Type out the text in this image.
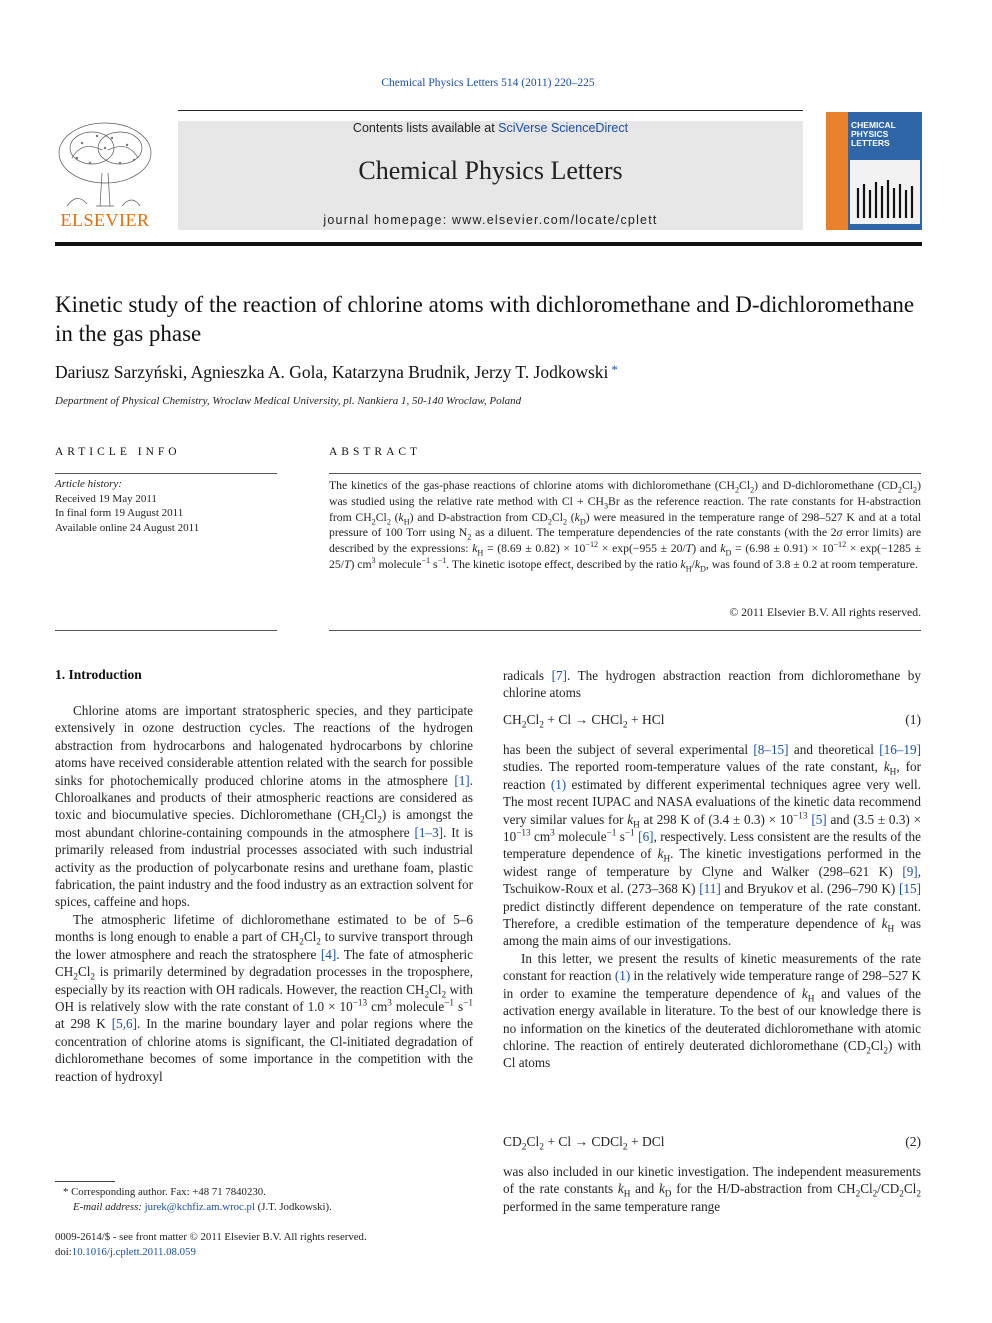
Chemical Physics Letters 514 (2011) 220–225
ELSEVIER
Contents lists available at SciVerse ScienceDirect
Chemical Physics Letters
journal homepage: www.elsevier.com/locate/cplett
CHEMICAL PHYSICS LETTERS
Kinetic study of the reaction of chlorine atoms with dichloromethane and D-dichloromethane in the gas phase
Dariusz Sarzyński, Agnieszka A. Gola, Katarzyna Brudnik, Jerzy T. Jodkowski *
Department of Physical Chemistry, Wroclaw Medical University, pl. Nankiera 1, 50-140 Wroclaw, Poland
ARTICLE INFO
Article history:
Received 19 May 2011
In final form 19 August 2011
Available online 24 August 2011
ABSTRACT
The kinetics of the gas-phase reactions of chlorine atoms with dichloromethane $(CH_2Cl_2)$ and D-dichloromethane $(CD_2Cl_2)$ was studied using the relative rate method with $Cl + CH_3Br$ as the reference reaction. The rate constants for H-abstraction from $CH_2Cl_2$ $(k_H)$ and D-abstraction from $CD_2Cl_2$ $(k_D)$ were measured in the temperature range of 298–527 K and at a total pressure of 100 Torr using $N_2$ as a diluent. The temperature dependencies of the rate constants (with the 2σ error limits) are described by the expressions: $k_H = (8.69 \pm 0.82) \times 10^{-12} \times \exp(-955 \pm 20/T)$ and $k_D = (6.98 \pm 0.91) \times 10^{-12} \times \exp(-1285 \pm 25/T)$ $cm^3$ molecule$^{-1}$ $s^{-1}$. The kinetic isotope effect, described by the ratio $k_H/k_D$, was found of 3.8 ± 0.2 at room temperature.
© 2011 Elsevier B.V. All rights reserved.
1. Introduction

Chlorine atoms are important stratospheric species, and they participate extensively in ozone destruction cycles. The reactions of the hydrogen abstraction from hydrocarbons and halogenated hydrocarbons by chlorine atoms have received considerable attention related with the search for possible sinks for photochemically produced chlorine atoms in the atmosphere [1]. Chloroalkanes and products of their atmospheric reactions are considered as toxic and biocumulative species. Dichloromethane $(CH_2Cl_2)$ is amongst the most abundant chlorine-containing compounds in the atmosphere [1–3]. It is primarily released from industrial processes associated with such industrial activity as the production of polycarbonate resins and urethane foam, plastic fabrication, the paint industry and the food industry as an extraction solvent for spices, caffeine and hops.

The atmospheric lifetime of dichloromethane estimated to be of 5–6 months is long enough to enable a part of $CH_2Cl_2$ to survive transport through the lower atmosphere and reach the stratosphere [4]. The fate of atmospheric $CH_2Cl_2$ is primarily determined by degradation processes in the troposphere, especially by its reaction with OH radicals. However, the reaction $CH_2Cl_2$ with OH is relatively slow with the rate constant of $1.0 \times 10^{-13}$ $cm^3$ molecule$^{-1}$ $s^{-1}$ at 298 K [5,6]. In the marine boundary layer and polar regions where the concentration of chlorine atoms is significant, the Cl-initiated degradation of dichloromethane becomes of some importance in the competition with the reaction of hydroxyl

* Corresponding author. Fax: +48 71 7840230.
E-mail address: jurek@kchfiz.am.wroc.pl (J.T. Jodkowski).
0009-2614/$ - see front matter © 2011 Elsevier B.V. All rights reserved.
doi:10.1016/j.cplett.2011.08.059

radicals [7]. The hydrogen abstraction reaction from dichloromethane by chlorine atoms

$CH_2Cl_2 + Cl$ → CHCl$_2$ + HCl	(1)

has been the subject of several experimental [8–15] and theoretical [16–19] studies. The reported room-temperature values of the rate constant, $k_H$, for reaction (1) estimated by different experimental techniques agree very well. The most recent IUPAC and NASA evaluations of the kinetic data recommend very similar values for $k_H$ at 298 K of $(3.4 \pm 0.3) \times 10^{-13}$ [5] and $(3.5 \pm 0.3) \times 10^{-13}$ $cm^3$ molecule$^{-1}$ $s^{-1}$ [6], respectively. Less consistent are the results of the temperature dependence of $k_H$. The kinetic investigations performed in the widest range of temperature by Clyne and Walker (298–621 K) [9], Tschuikow-Roux et al. (273–368 K) [11] and Bryukov et al. (296–790 K) [15] predict distinctly different dependence on temperature of the rate constant. Therefore, a credible estimation of the temperature dependence of $k_H$ was among the main aims of our investigations.

In this letter, we present the results of kinetic measurements of the rate constant for reaction (1) in the relatively wide temperature range of 298–527 K in order to examine the temperature dependence of $k_H$ and values of the activation energy available in literature. To the best of our knowledge there is no information on the kinetics of the deuterated dichloromethane with atomic chlorine. The reaction of entirely deuterated dichloromethane $(CD_2Cl_2)$ with Cl atoms

$CD_2Cl_2 + Cl$ → CDCl$_2$ + DCl	(2)

was also included in our kinetic investigation. The independent measurements of the rate constants $k_H$ and $k_D$ for the H/D-abstraction from $CH_2Cl_2/CD_2Cl_2$ performed in the same temperature range
